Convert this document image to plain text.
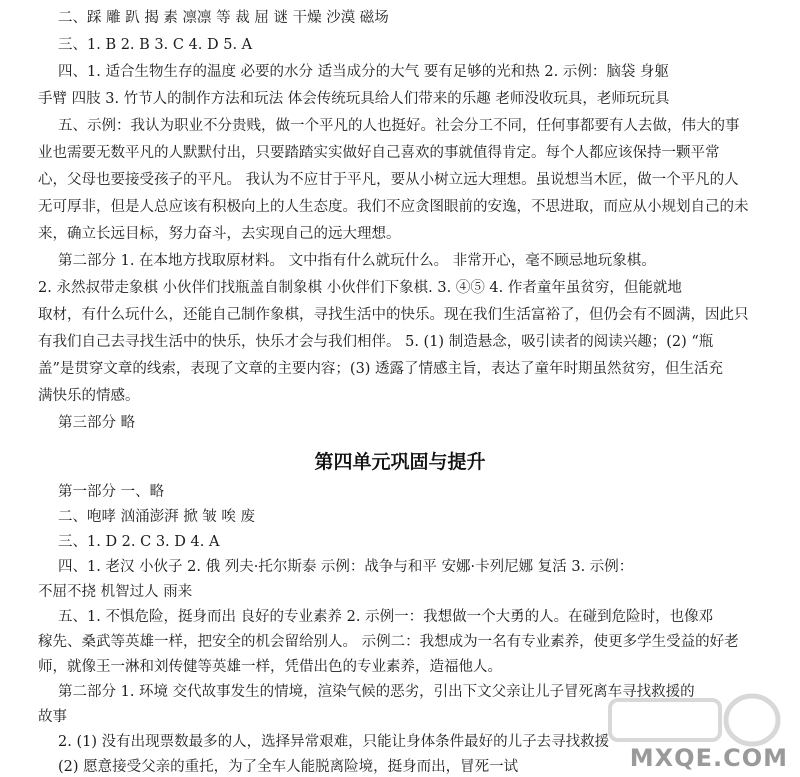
二、踩 雕 趴 揭 素 凛凛 等 裁 屈 谜 干燥 沙漠 磁场
三、1. B 2. B 3. C 4. D 5. A
四、1. 适合生物生存的温度 必要的水分 适当成分的大气 要有足够的光和热 2. 示例：脑袋 身躯
手臂 四肢 3. 竹节人的制作方法和玩法 体会传统玩具给人们带来的乐趣 老师没收玩具，老师玩玩具
五、示例：我认为职业不分贵贱，做一个平凡的人也挺好。社会分工不同，任何事都要有人去做，伟大的事
业也需要无数平凡的人默默付出，只要踏踏实实做好自己喜欢的事就值得肯定。每个人都应该保持一颗平常
心，父母也要接受孩子的平凡。 我认为不应甘于平凡，要从小树立远大理想。虽说想当木匠，做一个平凡的人
无可厚非，但是人总应该有积极向上的人生态度。我们不应贪图眼前的安逸，不思进取，而应从小规划自己的未
来，确立长远目标，努力奋斗，去实现自己的远大理想。
第二部分 1. 在本地方找取原材料。 文中指有什么就玩什么。 非常开心，毫不顾忌地玩象棋。
2. 永然叔带走象棋 小伙伴们找瓶盖自制象棋 小伙伴们下象棋. 3. ④⑤ 4. 作者童年虽贫穷，但能就地
取材，有什么玩什么，还能自己制作象棋，寻找生活中的快乐。现在我们生活富裕了，但仍会有不圆满，因此只
有我们自己去寻找生活中的快乐，快乐才会与我们相伴。 5. (1) 制造悬念，吸引读者的阅读兴趣；(2) “瓶
盖”是贯穿文章的线索，表现了文章的主要内容；(3) 透露了情感主旨，表达了童年时期虽然贫穷，但生活充
满快乐的情感。
第三部分 略
第四单元巩固与提升
第一部分 一、略
二、咆哮 汹涌澎湃 掀 皱 唉 废
三、1. D 2. C 3. D 4. A
四、1. 老汉 小伙子 2. 俄 列夫·托尔斯泰 示例：战争与和平 安娜·卡列尼娜 复活 3. 示例：
不屈不挠 机智过人 雨来
五、1. 不惧危险，挺身而出 良好的专业素养 2. 示例一：我想做一个大勇的人。在碰到危险时，也像邓
稼先、桑武等英雄一样，把安全的机会留给别人。 示例二：我想成为一名有专业素养，使更多学生受益的好老
师，就像王一淋和刘传健等英雄一样，凭借出色的专业素养，造福他人。
第二部分 1. 环境 交代故事发生的情境，渲染气候的恶劣，引出下文父亲让儿子冒死离车寻找救援的
故事
2. (1) 没有出现票数最多的人，选择异常艰难，只能让身体条件最好的儿子去寻找救援
(2) 愿意接受父亲的重托，为了全车人能脱离险境，挺身而出，冒死一试	MXQE.COM
